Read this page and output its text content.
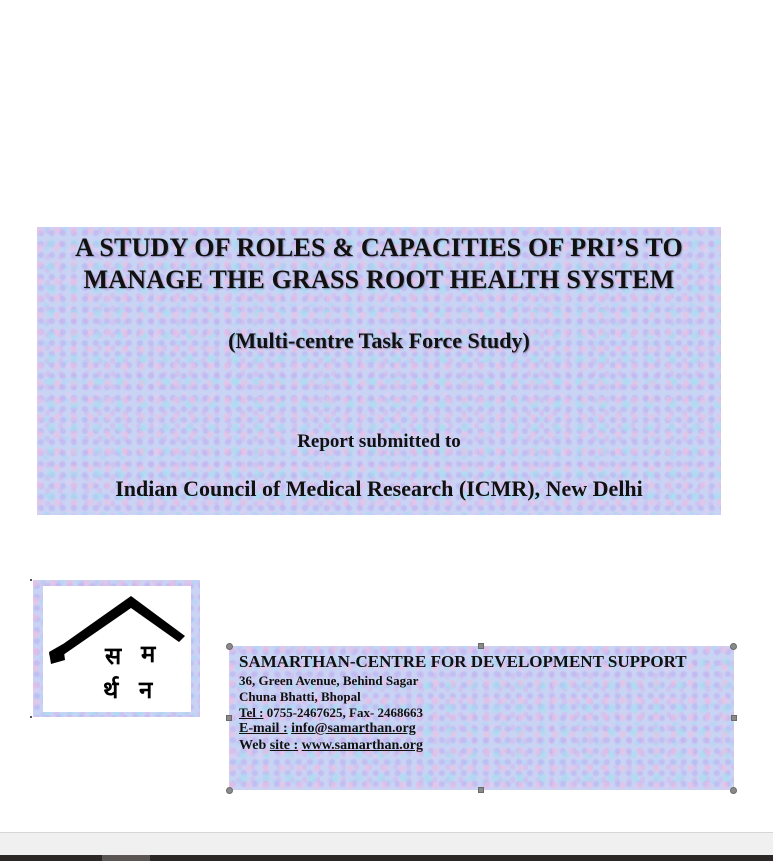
A STUDY OF ROLES & CAPACITIES OF PRI’S TO
MANAGE THE GRASS ROOT HEALTH SYSTEM
(Multi-centre Task Force Study)
Report submitted to
Indian Council of Medical Research (ICMR), New Delhi
स म
र्थ न
SAMARTHAN-CENTRE FOR DEVELOPMENT SUPPORT
36, Green Avenue, Behind Sagar
Chuna Bhatti, Bhopal
Tel : 0755-2467625, Fax- 2468663
E-mail : info@samarthan.org
Web site : www.samarthan.org
